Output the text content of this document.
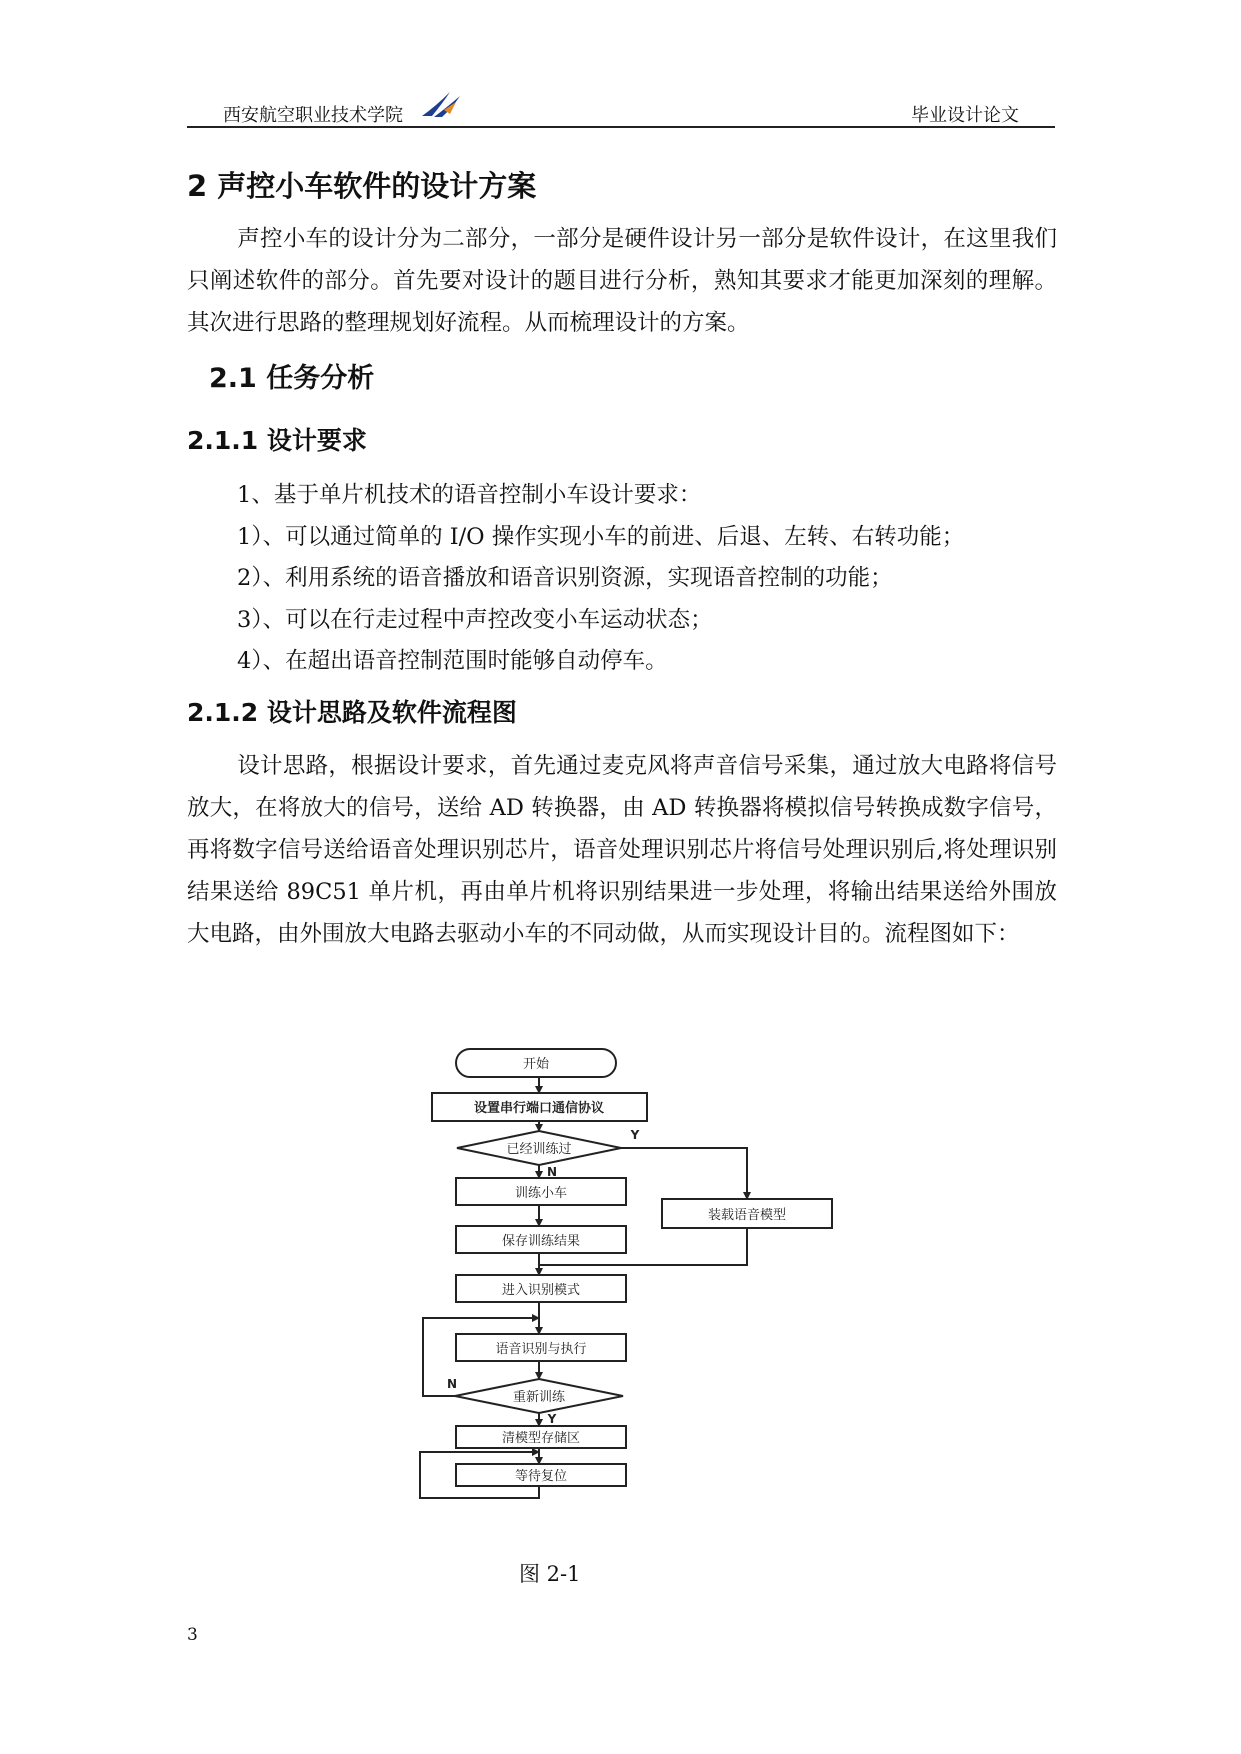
西安航空职业技术学院	毕业设计论文
2 声控小车软件的设计方案
声控小车的设计分为二部分，一部分是硬件设计另一部分是软件设计，在这里我们只阐述软件的部分。首先要对设计的题目进行分析，熟知其要求才能更加深刻的理解。其次进行思路的整理规划好流程。从而梳理设计的方案。
2.1 任务分析
2.1.1 设计要求
1、基于单片机技术的语音控制小车设计要求：
1）、可以通过简单的 I/O 操作实现小车的前进、后退、左转、右转功能；
2）、利用系统的语音播放和语音识别资源，实现语音控制的功能；
3）、可以在行走过程中声控改变小车运动状态；
4）、在超出语音控制范围时能够自动停车。
2.1.2 设计思路及软件流程图
设计思路，根据设计要求，首先通过麦克风将声音信号采集，通过放大电路将信号放大，在将放大的信号，送给 AD 转换器，由 AD 转换器将模拟信号转换成数字信号，再将数字信号送给语音处理识别芯片，语音处理识别芯片将信号处理识别后,将处理识别结果送给 89C51 单片机，再由单片机将识别结果进一步处理，将输出结果送给外围放大电路，由外围放大电路去驱动小车的不同动做，从而实现设计目的。流程图如下：
开始
设置串行端口通信协议
已经训练过
训练小车
保存训练结果
装载语音模型
进入识别模式
语音识别与执行
重新训练
清模型存储区
等待复位
Y
N
N
Y
图 2-1
3
